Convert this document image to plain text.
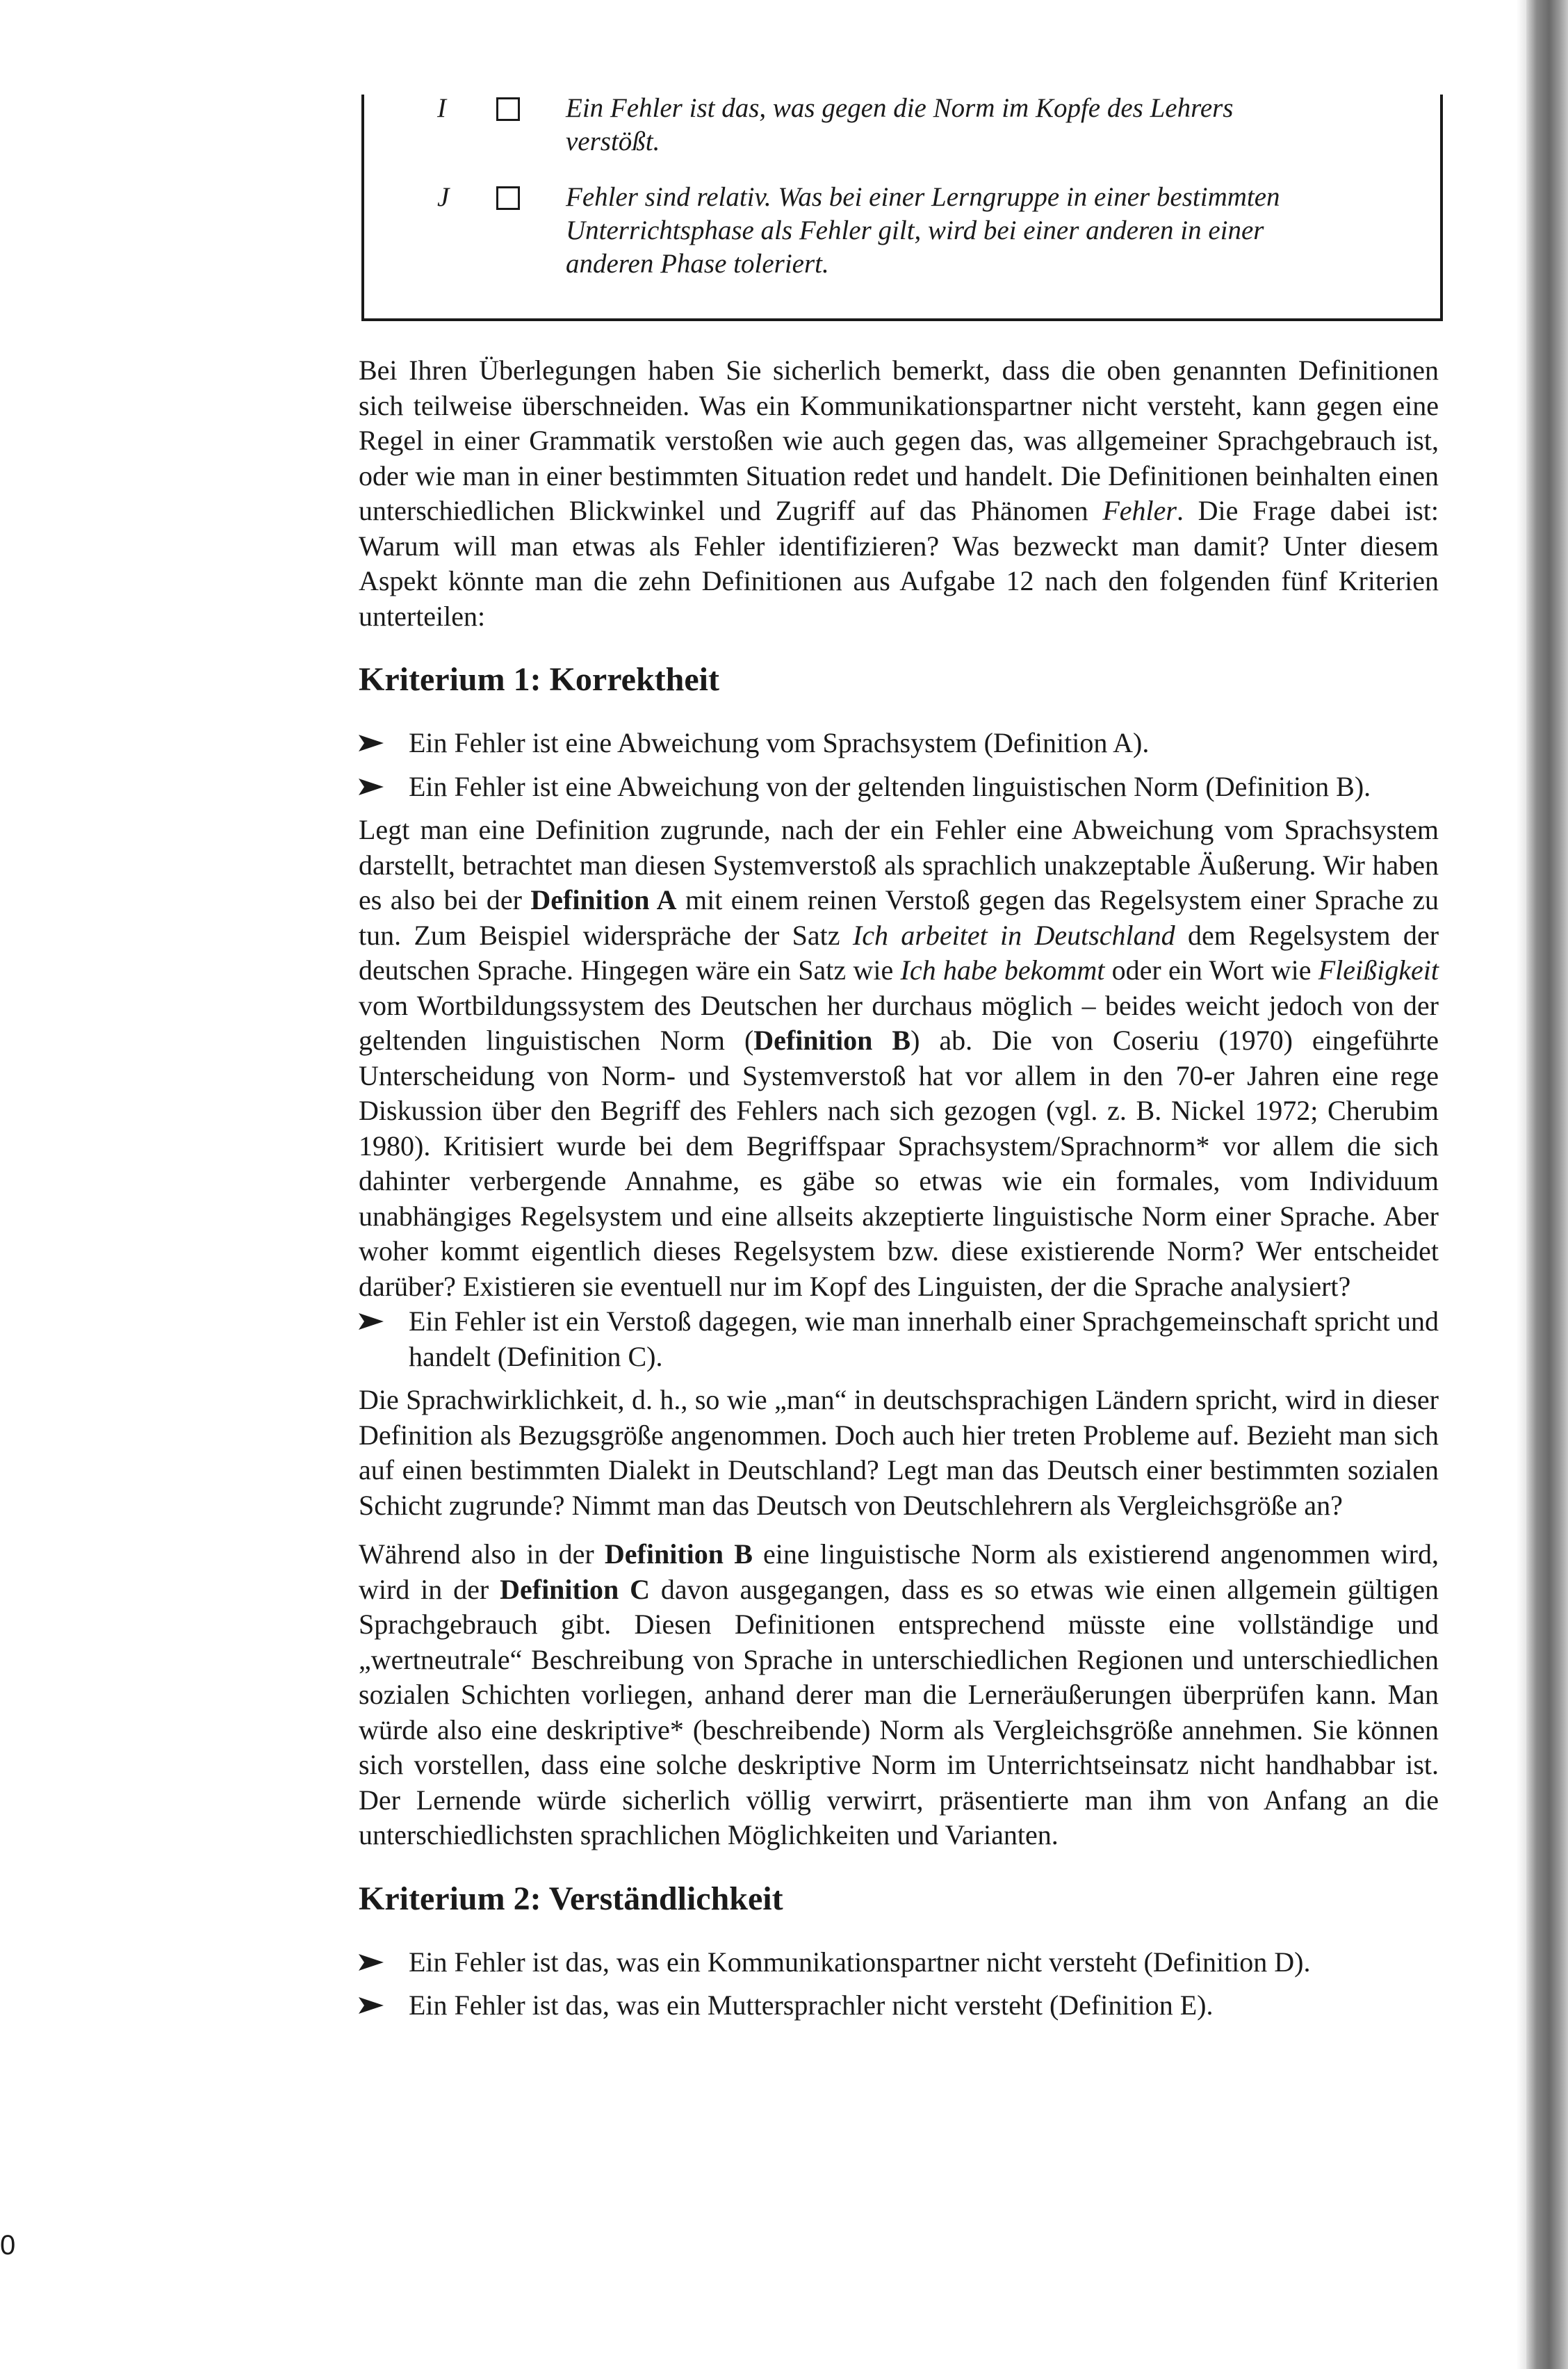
I	Ein Fehler ist das, was gegen die Norm im Kopfe des Lehrers
verstößt.
J	Fehler sind relativ. Was bei einer Lerngruppe in einer bestimmten
Unterrichtsphase als Fehler gilt, wird bei einer anderen in einer
anderen Phase toleriert.

Bei Ihren Überlegungen haben Sie sicherlich bemerkt, dass die oben genannten Definitionen sich teilweise überschneiden. Was ein Kommunikationspartner nicht versteht, kann gegen eine Regel in einer Grammatik verstoßen wie auch gegen das, was allgemeiner Sprachgebrauch ist, oder wie man in einer bestimmten Situation redet und handelt. Die Definitionen beinhalten einen unterschiedlichen Blickwinkel und Zugriff auf das Phänomen Fehler. Die Frage dabei ist: Warum will man etwas als Fehler identifizieren? Was bezweckt man damit? Unter diesem Aspekt könnte man die zehn Definitionen aus Aufgabe 12 nach den folgenden fünf Kriterien unterteilen:

Kriterium 1: Korrektheit
Ein Fehler ist eine Abweichung vom Sprachsystem (Definition A).
Ein Fehler ist eine Abweichung von der geltenden linguistischen Norm (Definition B).

Legt man eine Definition zugrunde, nach der ein Fehler eine Abweichung vom Sprachsystem darstellt, betrachtet man diesen Systemverstoß als sprachlich unakzeptable Äußerung. Wir haben es also bei der Definition A mit einem reinen Verstoß gegen das Regelsystem einer Sprache zu tun. Zum Beispiel widerspräche der Satz Ich arbeitet in Deutschland dem Regelsystem der deutschen Sprache. Hingegen wäre ein Satz wie Ich habe bekommt oder ein Wort wie Fleißigkeit vom Wortbildungssystem des Deutschen her durchaus möglich – beides weicht jedoch von der geltenden linguistischen Norm (Definition B) ab. Die von Coseriu (1970) eingeführte Unterscheidung von Norm- und Systemverstoß hat vor allem in den 70-er Jahren eine rege Diskussion über den Begriff des Fehlers nach sich gezogen (vgl. z. B. Nickel 1972; Cherubim 1980). Kritisiert wurde bei dem Begriffspaar Sprachsystem/Sprachnorm* vor allem die sich dahinter verbergende Annahme, es gäbe so etwas wie ein formales, vom Individuum unabhängiges Regelsystem und eine allseits akzeptierte linguistische Norm einer Sprache. Aber woher kommt eigentlich dieses Regelsystem bzw. diese existierende Norm? Wer entscheidet darüber? Existieren sie eventuell nur im Kopf des Linguisten, der die Sprache analysiert?

Ein Fehler ist ein Verstoß dagegen, wie man innerhalb einer Sprachgemeinschaft spricht und handelt (Definition C).

Die Sprachwirklichkeit, d. h., so wie „man“ in deutschsprachigen Ländern spricht, wird in dieser Definition als Bezugsgröße angenommen. Doch auch hier treten Probleme auf. Bezieht man sich auf einen bestimmten Dialekt in Deutschland? Legt man das Deutsch einer bestimmten sozialen Schicht zugrunde? Nimmt man das Deutsch von Deutschlehrern als Vergleichsgröße an?

Während also in der Definition B eine linguistische Norm als existierend angenommen wird, wird in der Definition C davon ausgegangen, dass es so etwas wie einen allgemein gültigen Sprachgebrauch gibt. Diesen Definitionen entsprechend müsste eine vollständige und „wertneutrale“ Beschreibung von Sprache in unterschiedlichen Regionen und unterschiedlichen sozialen Schichten vorliegen, anhand derer man die Lerneräußerungen überprüfen kann. Man würde also eine deskriptive* (beschreibende) Norm als Vergleichsgröße annehmen. Sie können sich vorstellen, dass eine solche deskriptive Norm im Unterrichtseinsatz nicht handhabbar ist. Der Lernende würde sicherlich völlig verwirrt, präsentierte man ihm von Anfang an die unterschiedlichsten sprachlichen Möglichkeiten und Varianten.

Kriterium 2: Verständlichkeit
Ein Fehler ist das, was ein Kommunikationspartner nicht versteht (Definition D).
Ein Fehler ist das, was ein Muttersprachler nicht versteht (Definition E).
0
